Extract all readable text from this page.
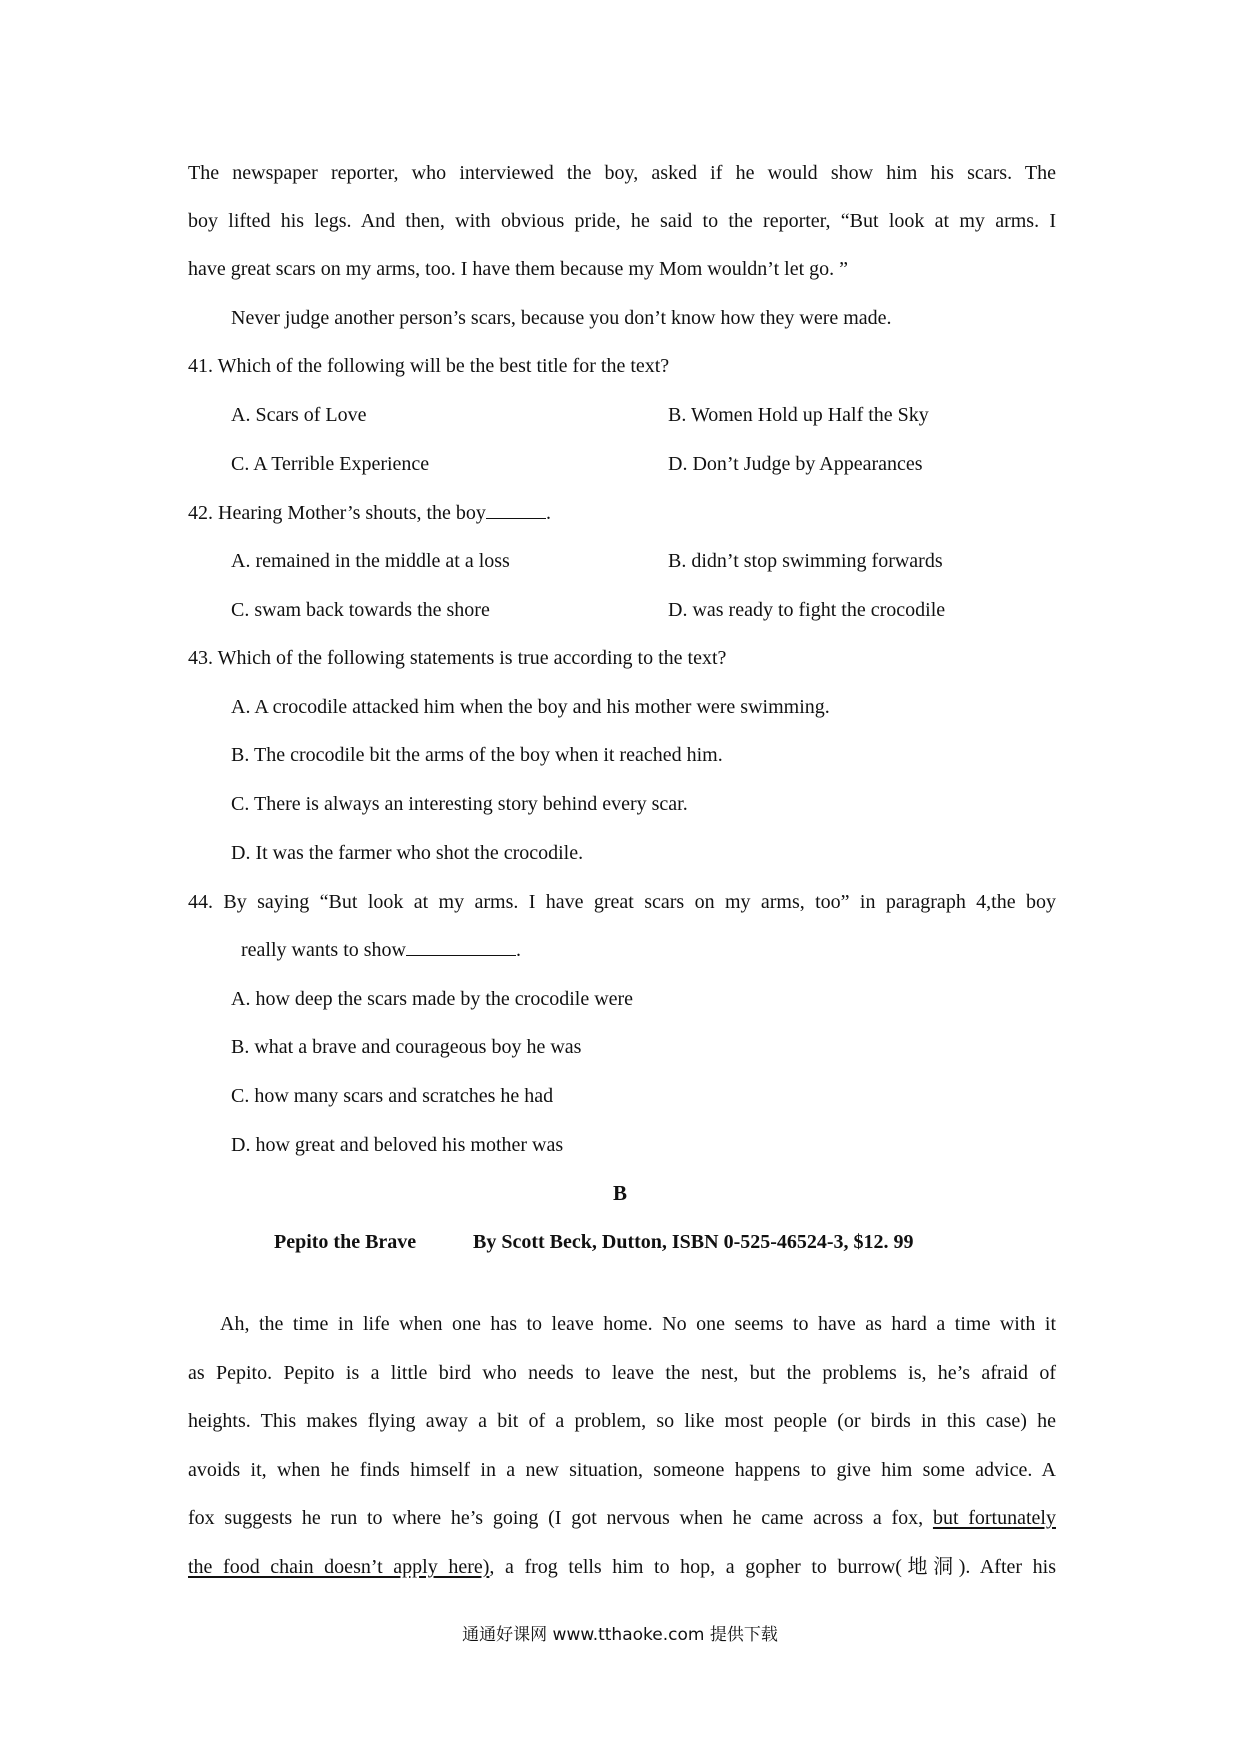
The newspaper reporter, who interviewed the boy, asked if he would show him his scars. The
boy lifted his legs. And then, with obvious pride, he said to the reporter, “But look at my arms. I
have great scars on my arms, too. I have them because my Mom wouldn’t let go. ”
Never judge another person’s scars, because you don’t know how they were made.
41. Which of the following will be the best title for the text?
A. Scars of Love	B. Women Hold up Half the Sky
C. A Terrible Experience	D. Don’t Judge by Appearances
42. Hearing Mother’s shouts, the boy	.
A. remained in the middle at a loss	B. didn’t stop swimming forwards
C. swam back towards the shore	D. was ready to fight the crocodile
43. Which of the following statements is true according to the text?
A. A crocodile attacked him when the boy and his mother were swimming.
B. The crocodile bit the arms of the boy when it reached him.
C. There is always an interesting story behind every scar.
D. It was the farmer who shot the crocodile.
44. By saying “But look at my arms. I have great scars on my arms, too” in paragraph 4,the boy
really wants to show	.
A. how deep the scars made by the crocodile were
B. what a brave and courageous boy he was
C. how many scars and scratches he had
D. how great and beloved his mother was
B
Pepito the Brave	By Scott Beck, Dutton, ISBN 0-525-46524-3, $12. 99
Ah, the time in life when one has to leave home. No one seems to have as hard a time with it
as Pepito. Pepito is a little bird who needs to leave the nest, but the problems is, he’s afraid of
heights. This makes flying away a bit of a problem, so like most people (or birds in this case) he
avoids it, when he finds himself in a new situation, someone happens to give him some advice. A
fox suggests he run to where he’s going (I got nervous when he came across a fox, but fortunately
the food chain doesn’t apply here), a frog tells him to hop, a gopher to burrow(地洞). After his
通通好课网 www.tthaoke.com 提供下载
